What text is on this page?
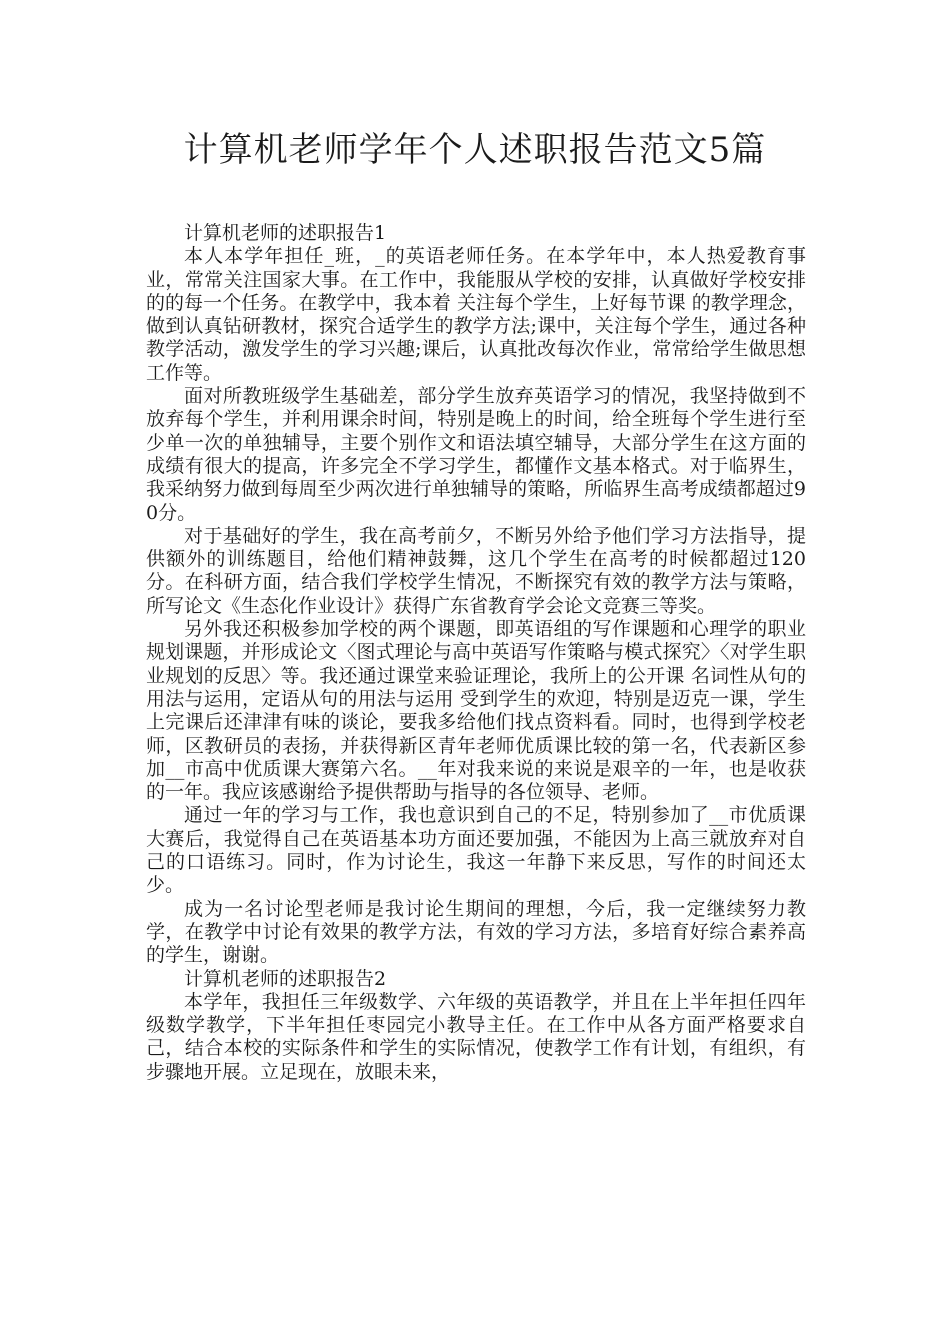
计算机老师学年个人述职报告范文5篇

计算机老师的述职报告1

本人本学年担任_班，_的英语老师任务。在本学年中，本人热爱教育事业，常常关注国家大事。在工作中，我能服从学校的安排，认真做好学校安排的的每一个任务。在教学中，我本着 关注每个学生，上好每节课 的教学理念，做到认真钻研教材，探究合适学生的教学方法;课中，关注每个学生，通过各种教学活动，激发学生的学习兴趣;课后，认真批改每次作业，常常给学生做思想工作等。

面对所教班级学生基础差，部分学生放弃英语学习的情况，我坚持做到不放弃每个学生，并利用课余时间，特别是晚上的时间，给全班每个学生进行至少单一次的单独辅导，主要个别作文和语法填空辅导，大部分学生在这方面的成绩有很大的提高，许多完全不学习学生，都懂作文基本格式。对于临界生，我采纳努力做到每周至少两次进行单独辅导的策略，所临界生高考成绩都超过90分。

对于基础好的学生，我在高考前夕，不断另外给予他们学习方法指导，提供额外的训练题目，给他们精神鼓舞，这几个学生在高考的时候都超过120分。在科研方面，结合我们学校学生情况，不断探究有效的教学方法与策略，所写论文《生态化作业设计》获得广东省教育学会论文竞赛三等奖。

另外我还积极参加学校的两个课题，即英语组的写作课题和心理学的职业规划课题，并形成论文〈图式理论与高中英语写作策略与模式探究〉〈对学生职业规划的反思〉等。我还通过课堂来验证理论，我所上的公开课 名词性从句的用法与运用，定语从句的用法与运用 受到学生的欢迎，特别是迈克一课，学生上完课后还津津有味的谈论，要我多给他们找点资料看。同时，也得到学校老师，区教研员的表扬，并获得新区青年老师优质课比较的第一名，代表新区参加__市高中优质课大赛第六名。__年对我来说的来说是艰辛的一年，也是收获的一年。我应该感谢给予提供帮助与指导的各位领导、老师。

通过一年的学习与工作，我也意识到自己的不足，特别参加了__市优质课大赛后，我觉得自己在英语基本功方面还要加强，不能因为上高三就放弃对自己的口语练习。同时，作为讨论生，我这一年静下来反思，写作的时间还太少。

成为一名讨论型老师是我讨论生期间的理想，今后，我一定继续努力教学，在教学中讨论有效果的教学方法，有效的学习方法，多培育好综合素养高的学生，谢谢。

计算机老师的述职报告2

本学年，我担任三年级数学、六年级的英语教学，并且在上半年担任四年级数学教学，下半年担任枣园完小教导主任。在工作中从各方面严格要求自己，结合本校的实际条件和学生的实际情况，使教学工作有计划，有组织，有步骤地开展。立足现在，放眼未来，
